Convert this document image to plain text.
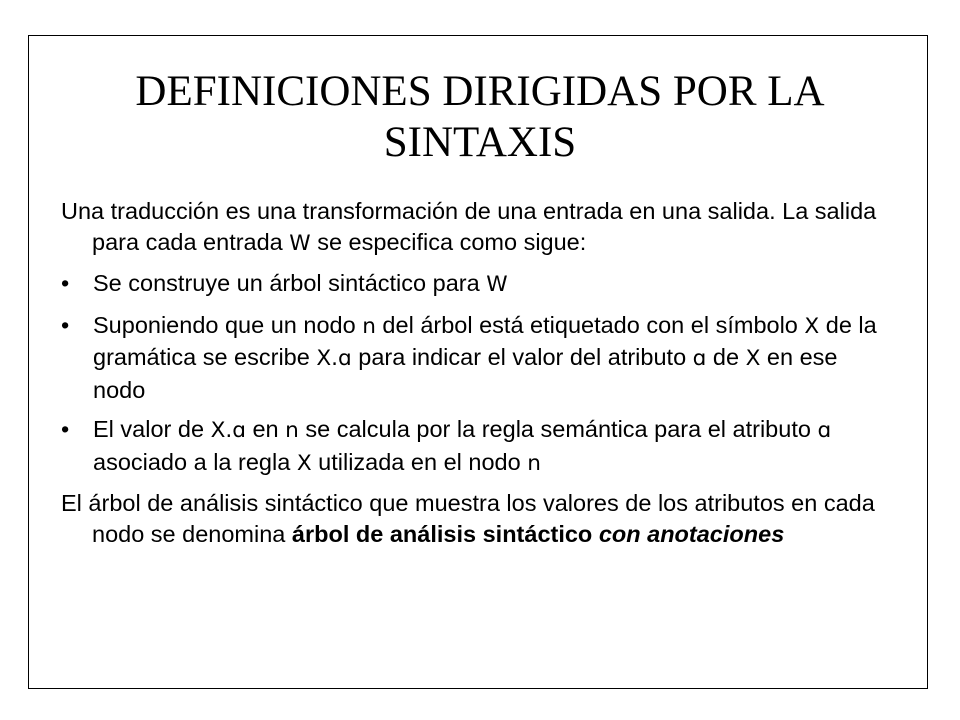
DEFINICIONES DIRIGIDAS POR LA
SINTAXIS

Una traducción es una transformación de una entrada en una salida. La salida para cada entrada W se especifica como sigue:

• Se construye un árbol sintáctico para W
• Suponiendo que un nodo n del árbol está etiquetado con el símbolo X de la gramática se escribe X.ɑ para indicar el valor del atributo ɑ de X en ese nodo
• El valor de X.ɑ en n se calcula por la regla semántica para el atributo ɑ asociado a la regla X utilizada en el nodo n

El árbol de análisis sintáctico que muestra los valores de los atributos en cada nodo se denomina árbol de análisis sintáctico con anotaciones
